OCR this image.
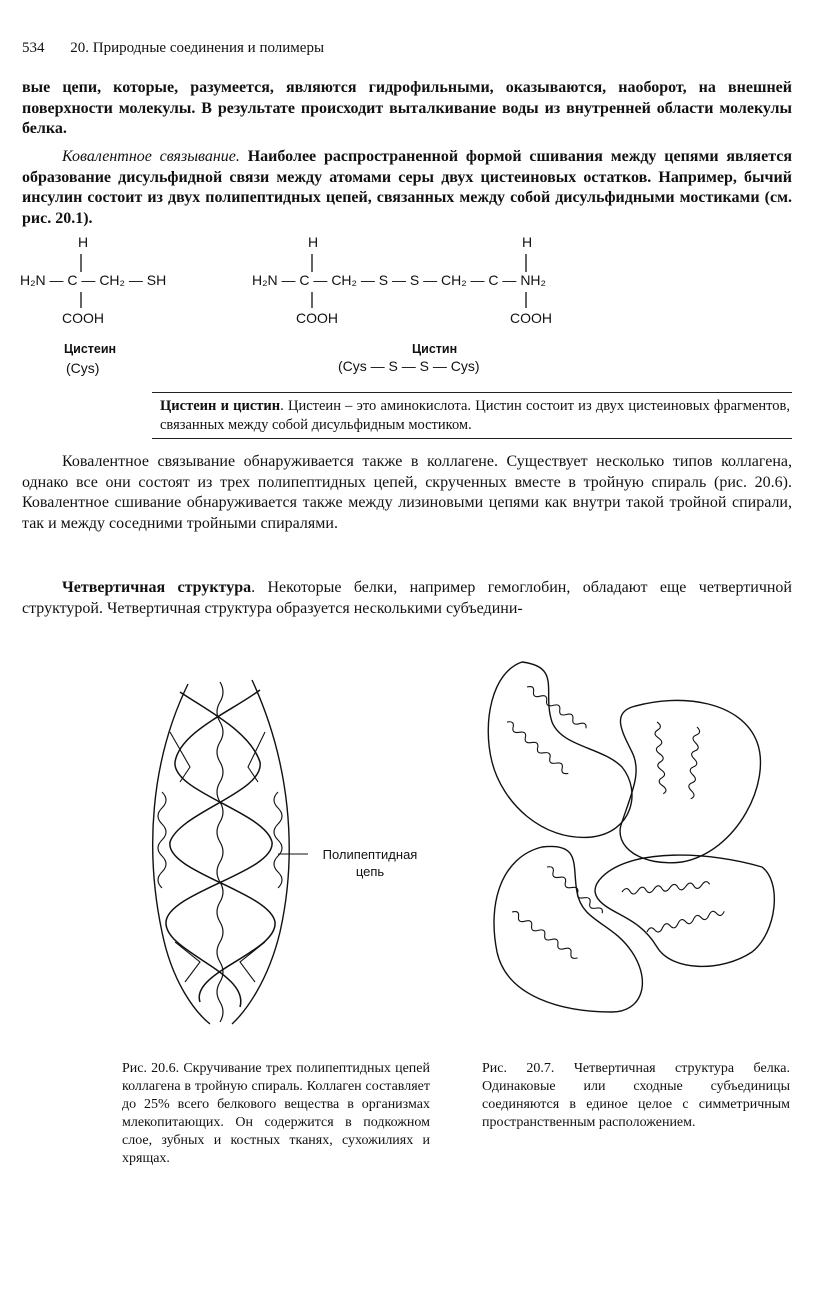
534 20. Природные соединения и полимеры
вые цепи, которые, разумеется, являются гидрофильными, оказываются, наоборот, на внешней поверхности молекулы. В результате происходит выталкивание воды из внутренней области молекулы белка.
Ковалентное связывание. Наиболее распространенной формой сшивания между цепями является образование дисульфидной связи между атомами серы двух цистеиновых остатков. Например, бычий инсулин состоит из двух полипептидных цепей, связанных между собой дисульфидными мостиками (см. рис. 20.1).
H
H₂N — C — CH₂ — SH
COOH
Цистеин
(Cys)
H	H
H₂N — C — CH₂ — S — S — CH₂ — C — NH₂
COOH	COOH
Цистин
(Cys — S — S — Cys)
Цистеин и цистин. Цистеин – это аминокислота. Цистин состоит из двух цистеиновых фрагментов, связанных между собой дисульфидным мостиком.
Ковалентное связывание обнаруживается также в коллагене. Существует несколько типов коллагена, однако все они состоят из трех полипептидных цепей, скрученных вместе в тройную спираль (рис. 20.6). Ковалентное сшивание обнаруживается также между лизиновыми цепями как внутри такой тройной спирали, так и между соседними тройными спиралями.
Четвертичная структура. Некоторые белки, например гемоглобин, обладают еще четвертичной структурой. Четвертичная структура образуется несколькими субъедини-
Полипептидная
цепь
Рис. 20.6. Скручивание трех полипептидных цепей коллагена в тройную спираль. Коллаген составляет до 25% всего белкового вещества в организмах млекопитающих. Он содержится в подкожном слое, зубных и костных тканях, сухожилиях и хрящах.
Рис. 20.7. Четвертичная структура белка. Одинаковые или сходные субъединицы соединяются в единое целое с симметричным пространственным расположением.
